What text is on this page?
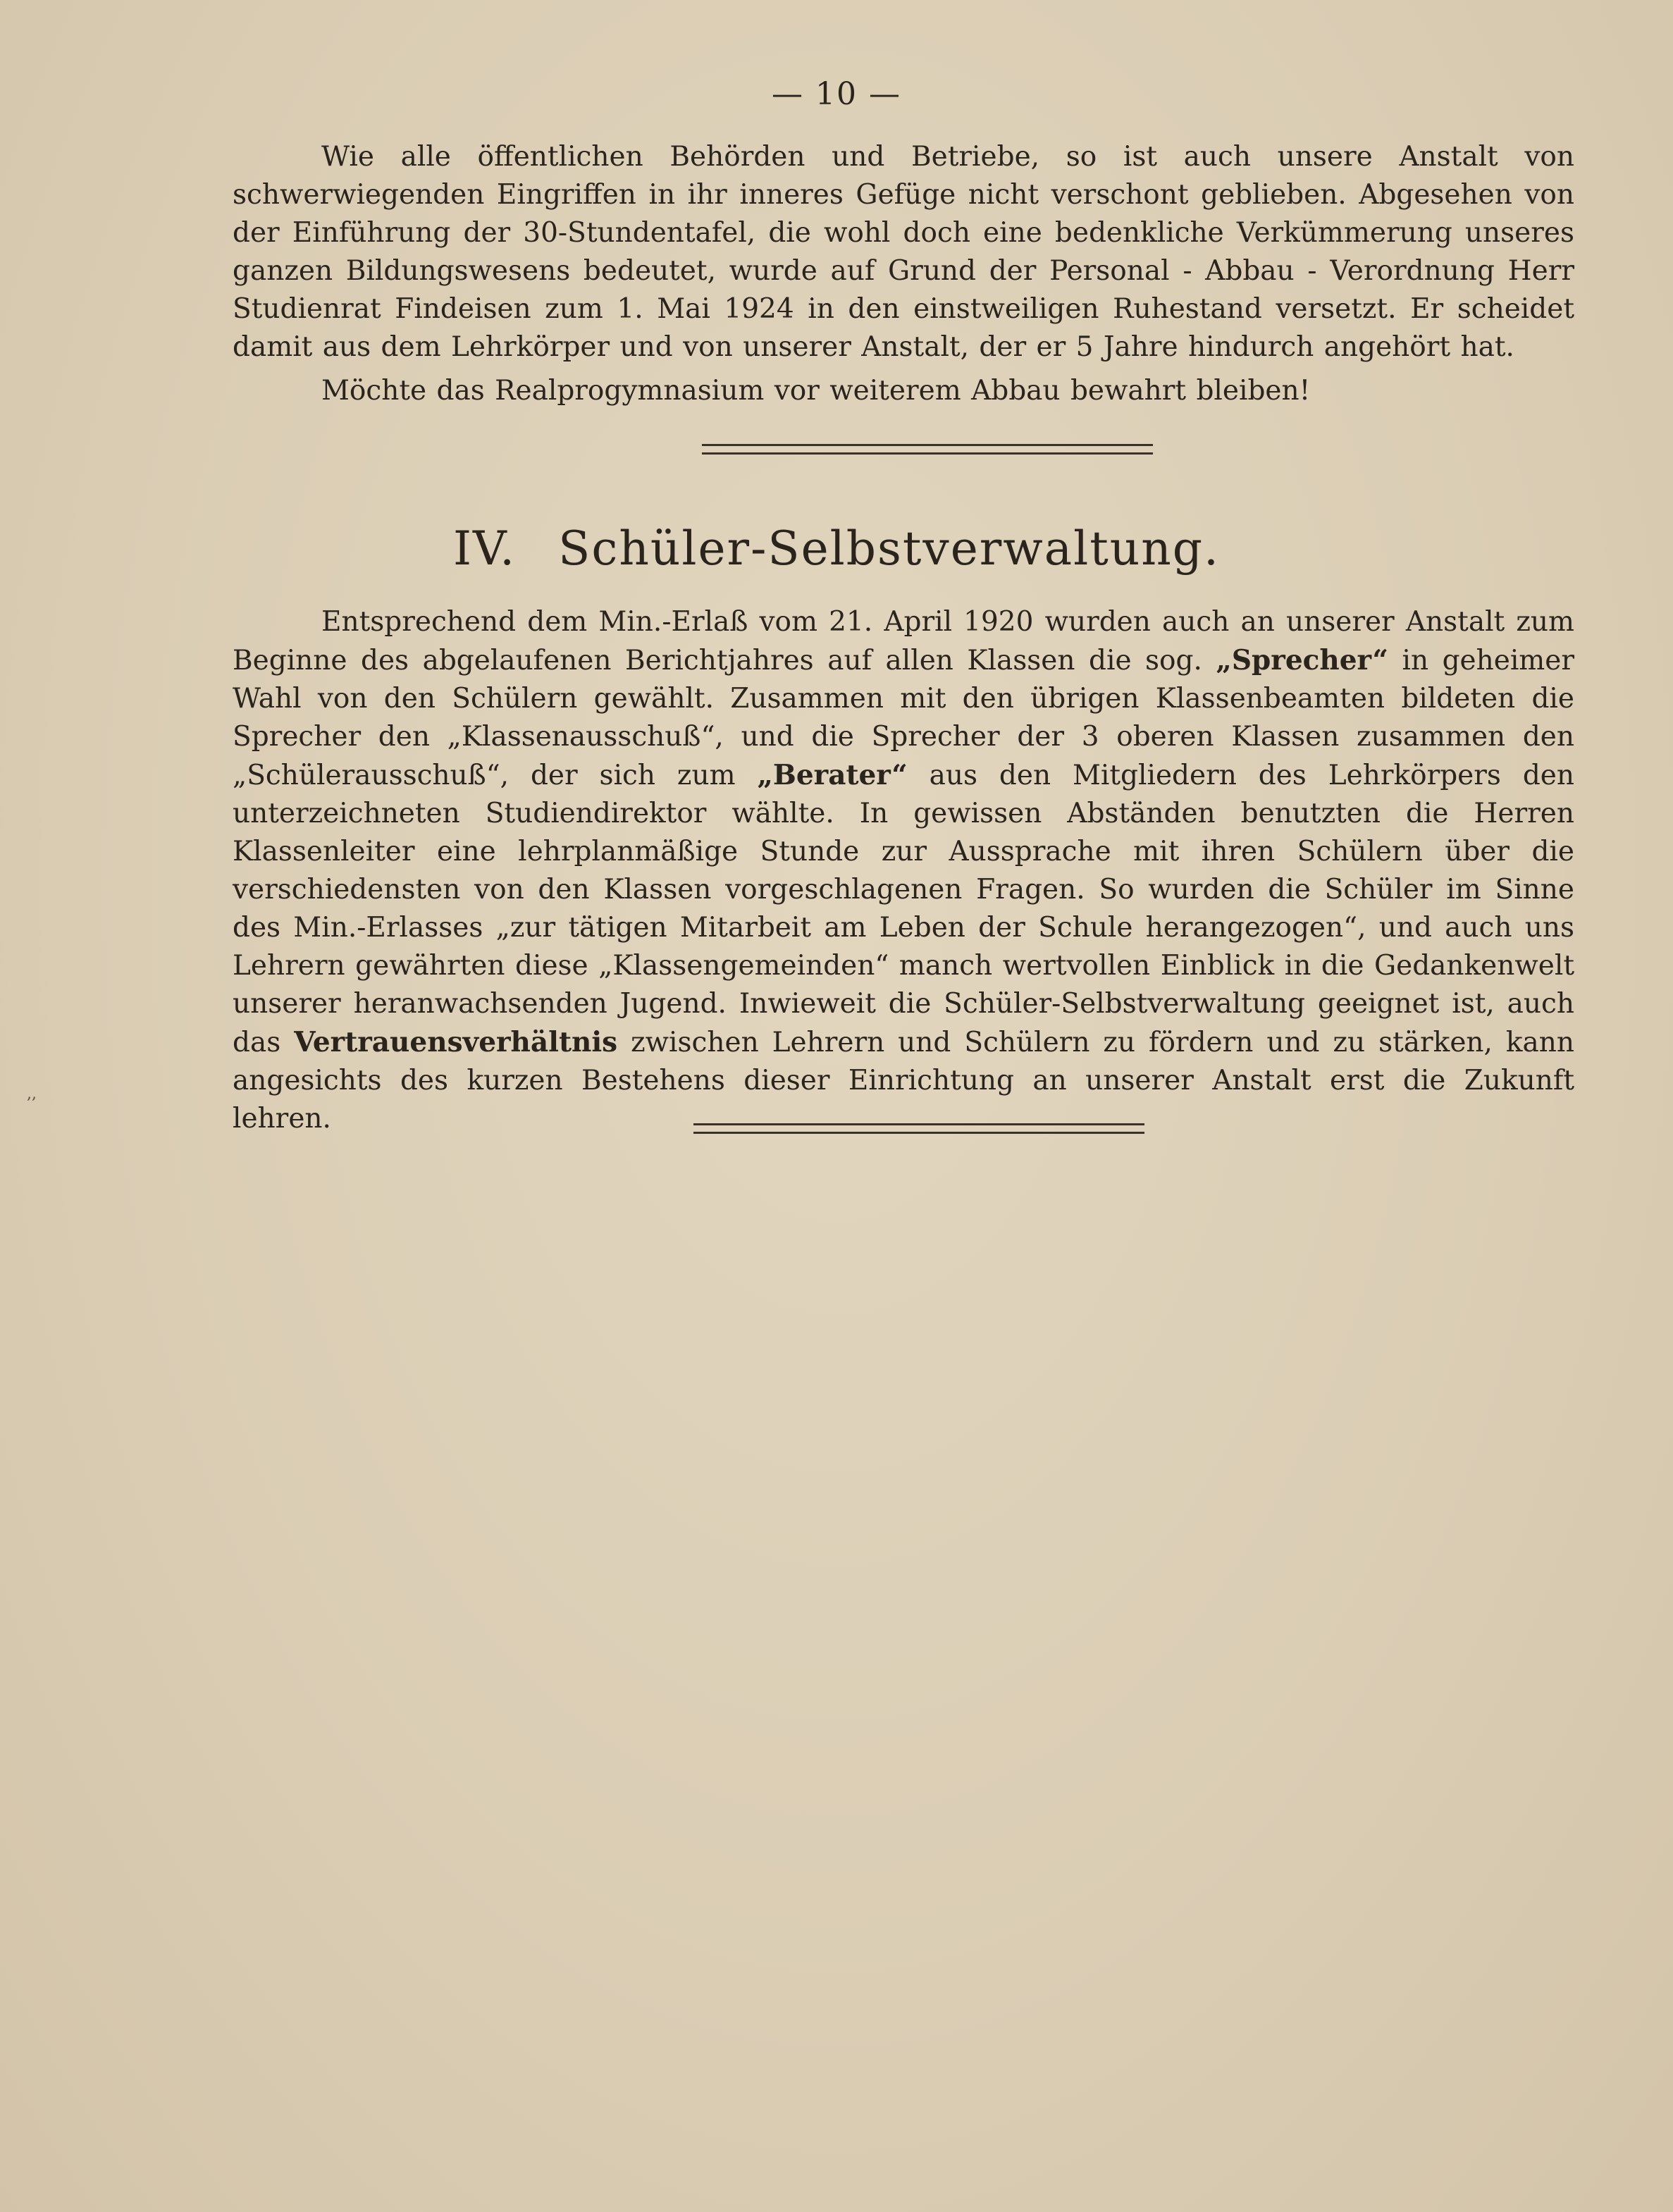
— 10 —

Wie alle öffentlichen Behörden und Betriebe, so ist auch unsere Anstalt von schwerwiegenden Eingriffen in ihr inneres Gefüge nicht verschont geblieben. Abgesehen von der Einführung der 30-Stundentafel, die wohl doch eine bedenkliche Verkümmerung unseres ganzen Bildungswesens bedeutet, wurde auf Grund der Personal - Abbau - Verordnung Herr Studienrat Findeisen zum 1. Mai 1924 in den einstweiligen Ruhestand versetzt. Er scheidet damit aus dem Lehrkörper und von unserer Anstalt, der er 5 Jahre hindurch angehört hat.

Möchte das Realprogymnasium vor weiterem Abbau bewahrt bleiben!

IV. Schüler-Selbstverwaltung.

Entsprechend dem Min.-Erlaß vom 21. April 1920 wurden auch an unserer Anstalt zum Beginne des abgelaufenen Berichtjahres auf allen Klassen die sog. „Sprecher“ in geheimer Wahl von den Schülern gewählt. Zusammen mit den übrigen Klassenbeamten bildeten die Sprecher den „Klassenausschuß“, und die Sprecher der 3 oberen Klassen zusammen den „Schülerausschuß“, der sich zum „Berater“ aus den Mitgliedern des Lehrkörpers den unterzeichneten Studiendirektor wählte. In gewissen Abständen benutzten die Herren Klassenleiter eine lehrplanmäßige Stunde zur Aussprache mit ihren Schülern über die verschiedensten von den Klassen vorgeschlagenen Fragen. So wurden die Schüler im Sinne des Min.-Erlasses „zur tätigen Mitarbeit am Leben der Schule herangezogen“, und auch uns Lehrern gewährten diese „Klassengemeinden“ manch wertvollen Einblick in die Gedankenwelt unserer heranwachsenden Jugend. Inwieweit die Schüler-Selbstverwaltung geeignet ist, auch das Vertrauensverhältnis zwischen Lehrern und Schülern zu fördern und zu stärken, kann angesichts des kurzen Bestehens dieser Einrichtung an unserer Anstalt erst die Zukunft lehren.

,,
